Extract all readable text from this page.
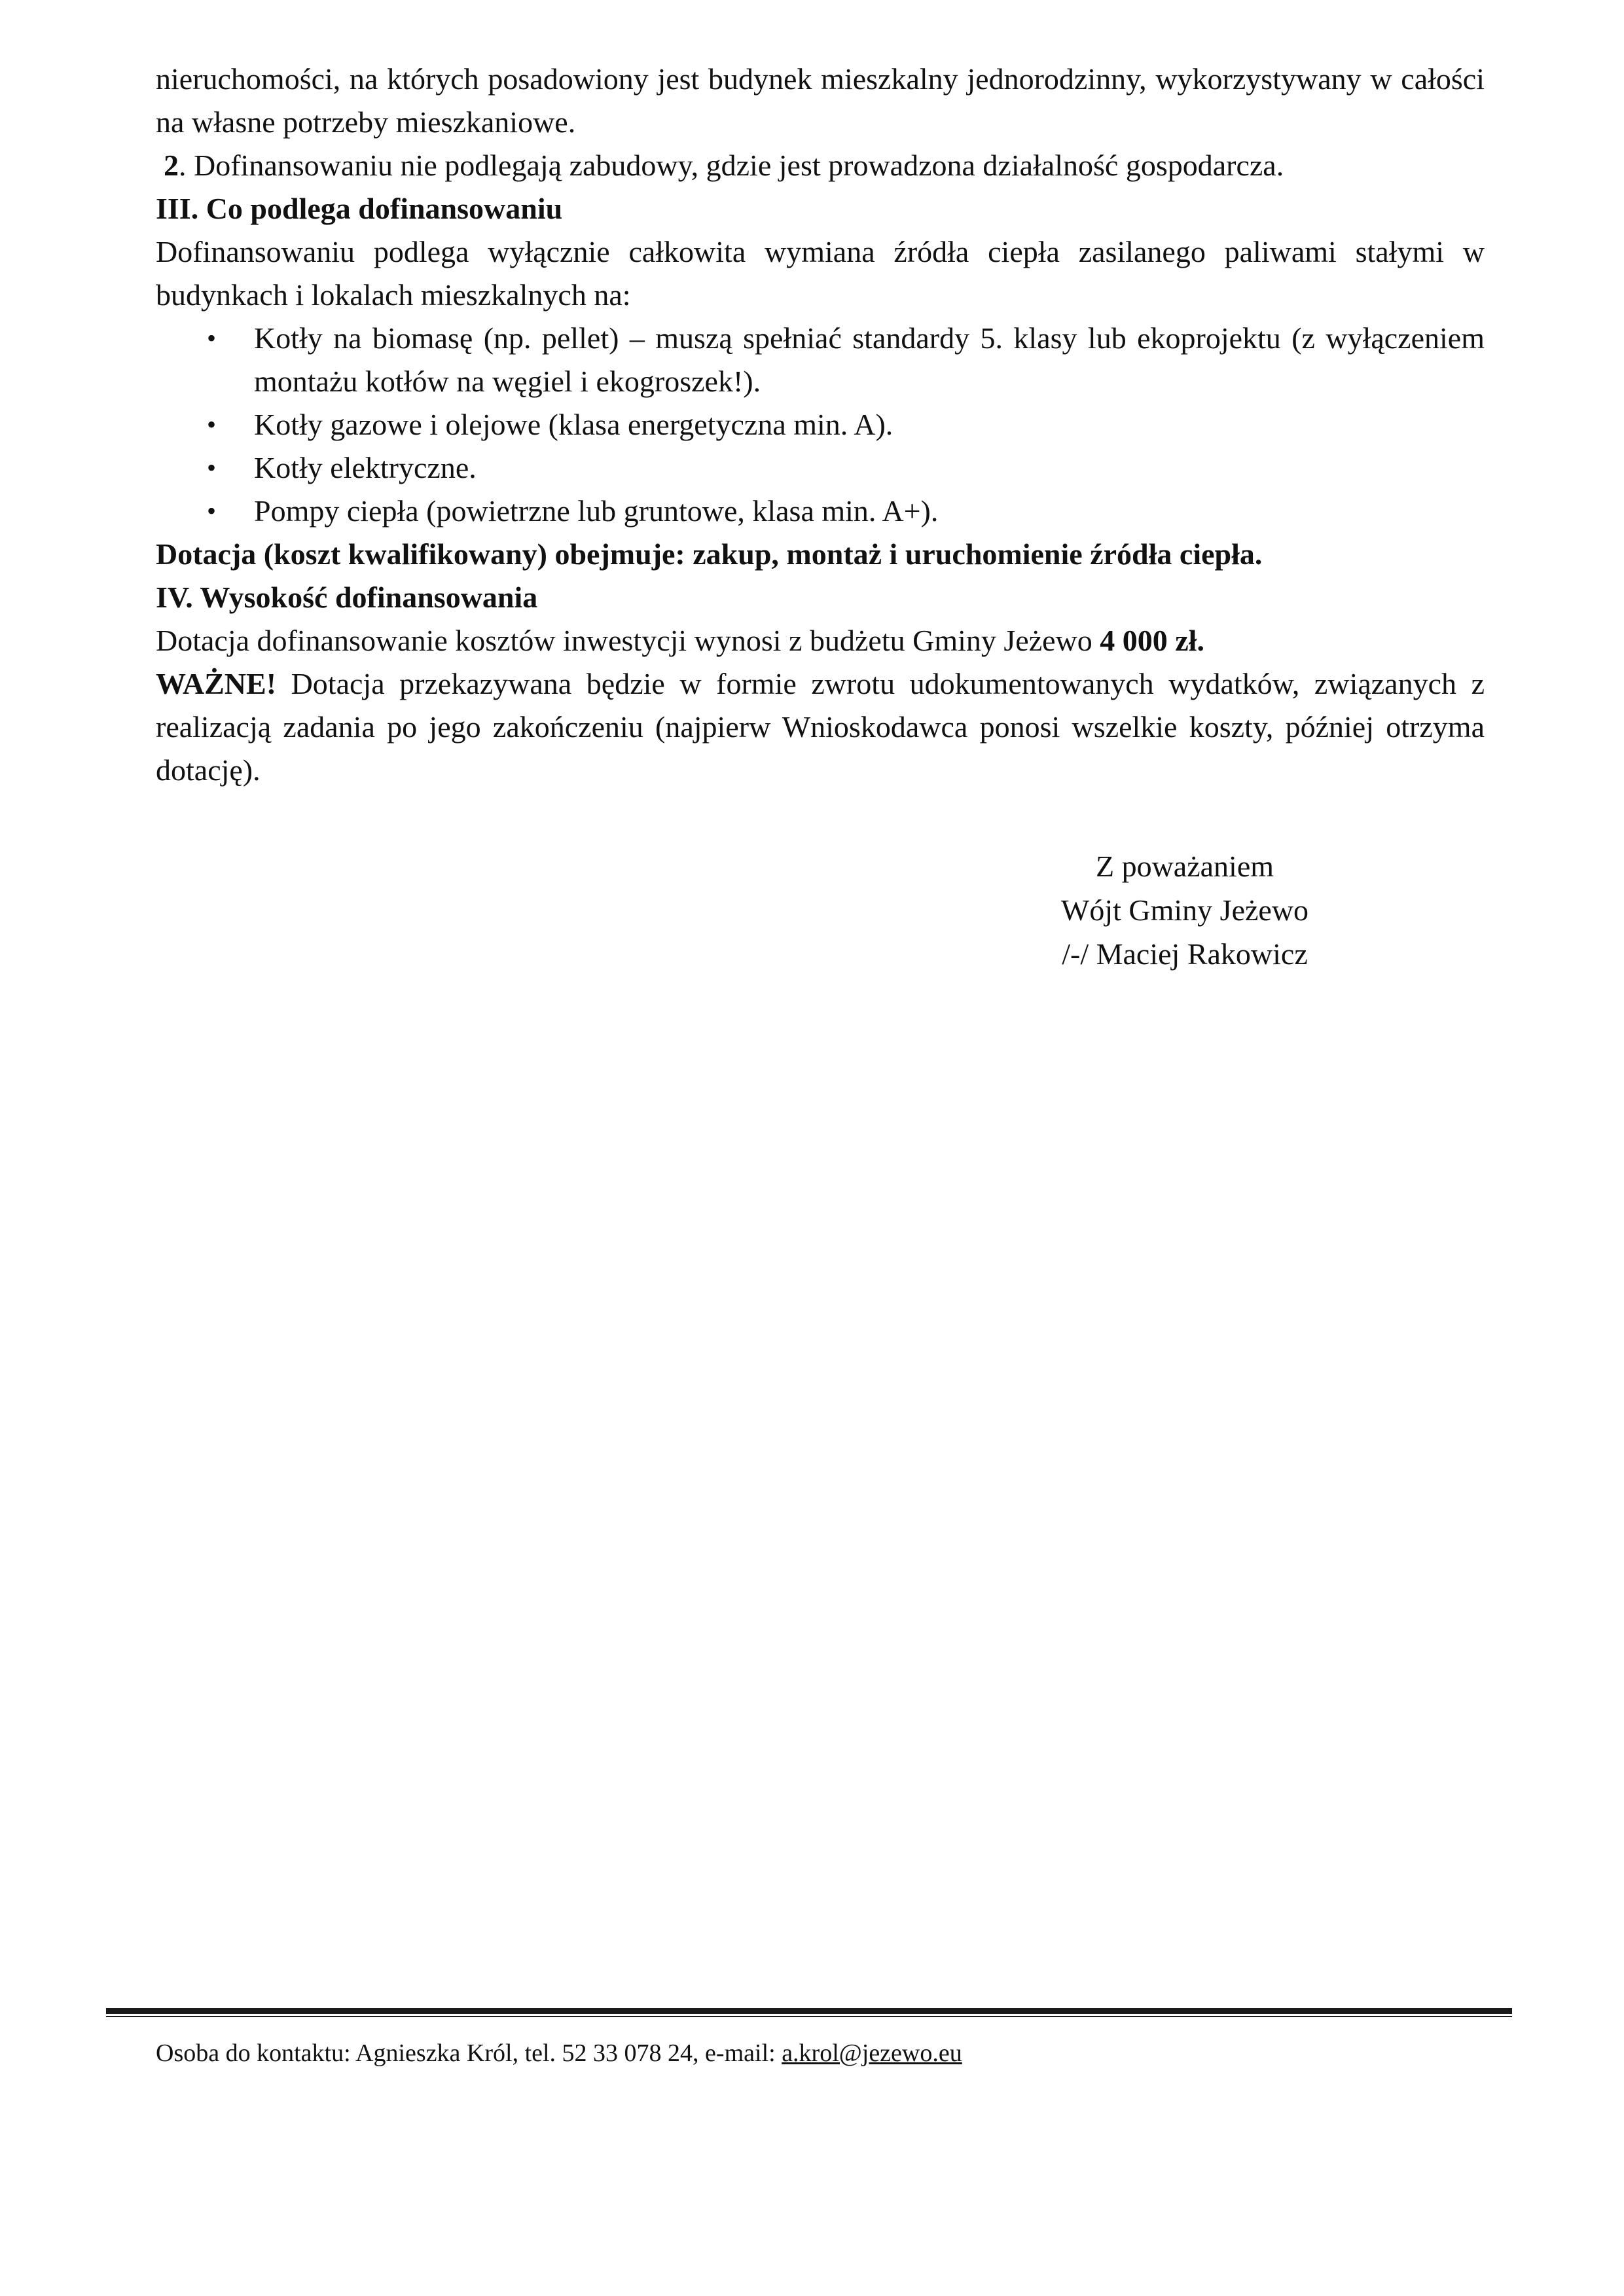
nieruchomości, na których posadowiony jest budynek mieszkalny jednorodzinny, wykorzystywany w całości na własne potrzeby mieszkaniowe.

2. Dofinansowaniu nie podlegają zabudowy, gdzie jest prowadzona działalność gospodarcza.

III. Co podlega dofinansowaniu

Dofinansowaniu podlega wyłącznie całkowita wymiana źródła ciepła zasilanego paliwami stałymi w budynkach i lokalach mieszkalnych na:

• Kotły na biomasę (np. pellet) – muszą spełniać standardy 5. klasy lub ekoprojektu (z wyłączeniem montażu kotłów na węgiel i ekogroszek!).
• Kotły gazowe i olejowe (klasa energetyczna min. A).
• Kotły elektryczne.
• Pompy ciepła (powietrzne lub gruntowe, klasa min. A+).

Dotacja (koszt kwalifikowany) obejmuje: zakup, montaż i uruchomienie źródła ciepła.

IV. Wysokość dofinansowania

Dotacja dofinansowanie kosztów inwestycji wynosi z budżetu Gminy Jeżewo 4 000 zł.

WAŻNE! Dotacja przekazywana będzie w formie zwrotu udokumentowanych wydatków, związanych z realizacją zadania po jego zakończeniu (najpierw Wnioskodawca ponosi wszelkie koszty, później otrzyma dotację).

Z poważaniem

Wójt Gminy Jeżewo

/-/ Maciej Rakowicz

Osoba do kontaktu: Agnieszka Król, tel. 52 33 078 24, e-mail: a.krol@jezewo.eu
